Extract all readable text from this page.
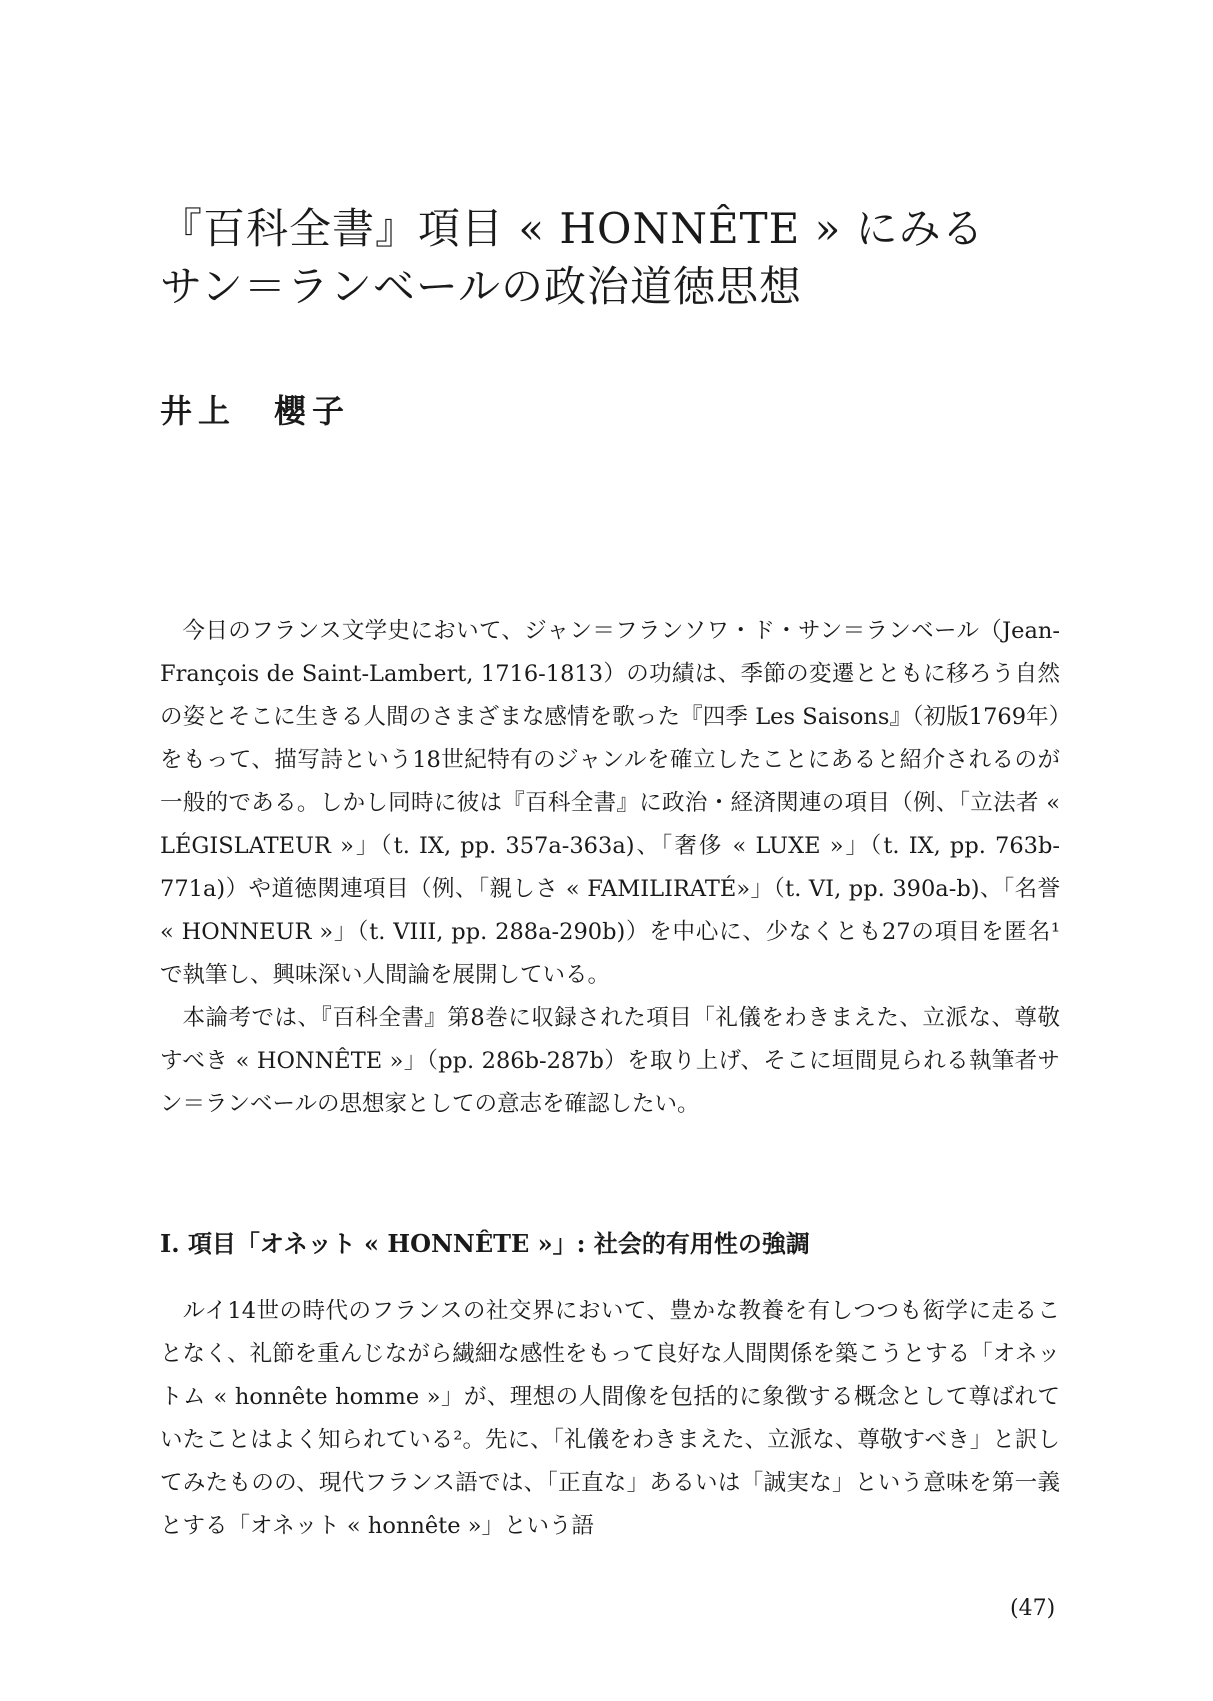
『百科全書』項目 « HONNÊTE » にみる
サン＝ランベールの政治道徳思想
井上　櫻子

今日のフランス文学史において、ジャン＝フランソワ・ド・サン＝ランベール（Jean-François de Saint-Lambert, 1716-1813）の功績は、季節の変遷とともに移ろう自然の姿とそこに生きる人間のさまざまな感情を歌った『四季 Les Saisons』（初版1769年）をもって、描写詩という18世紀特有のジャンルを確立したことにあると紹介されるのが一般的である。しかし同時に彼は『百科全書』に政治・経済関連の項目（例、「立法者 « LÉGISLATEUR »」（t. IX, pp. 357a-363a)、「奢侈 « LUXE »」（t. IX, pp. 763b-771a)）や道徳関連項目（例、「親しさ « FAMILIRATÉ»」（t. VI, pp. 390a-b)、「名誉 « HONNEUR »」（t. VIII, pp. 288a-290b)）を中心に、少なくとも27の項目を匿名¹で執筆し、興味深い人間論を展開している。

本論考では、『百科全書』第8巻に収録された項目「礼儀をわきまえた、立派な、尊敬すべき « HONNÊTE »」（pp. 286b-287b）を取り上げ、そこに垣間見られる執筆者サン＝ランベールの思想家としての意志を確認したい。

I. 項目「オネット « HONNÊTE »」: 社会的有用性の強調

ルイ14世の時代のフランスの社交界において、豊かな教養を有しつつも衒学に走ることなく、礼節を重んじながら繊細な感性をもって良好な人間関係を築こうとする「オネットム « honnête homme »」が、理想の人間像を包括的に象徴する概念として尊ばれていたことはよく知られている²。先に、「礼儀をわきまえた、立派な、尊敬すべき」と訳してみたものの、現代フランス語では、「正直な」あるいは「誠実な」という意味を第一義とする「オネット « honnête »」という語

(47)
